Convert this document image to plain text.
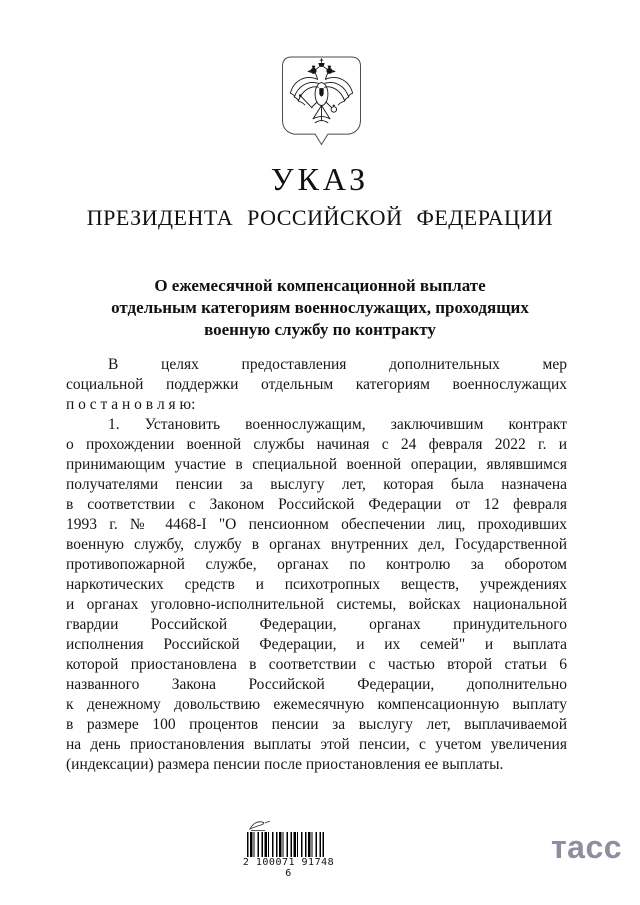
УКАЗ
ПРЕЗИДЕНТА РОССИЙСКОЙ ФЕДЕРАЦИИ
О ежемесячной компенсационной выплате
отдельным категориям военнослужащих, проходящих
военную службу по контракту
В целях предоставления дополнительных мер
социальной поддержки отдельным категориям военнослужащих
п о с т а н о в л я ю:
1. Установить военнослужащим, заключившим контракт
о прохождении военной службы начиная с 24 февраля 2022 г. и
принимающим участие в специальной военной операции, являвшимся
получателями пенсии за выслугу лет, которая была назначена
в соответствии с Законом Российской Федерации от 12 февраля
1993 г. № 4468-I "О пенсионном обеспечении лиц, проходивших
военную службу, службу в органах внутренних дел, Государственной
противопожарной службе, органах по контролю за оборотом
наркотических средств и психотропных веществ, учреждениях
и органах уголовно-исполнительной системы, войсках национальной
гвардии Российской Федерации, органах принудительного
исполнения Российской Федерации, и их семей" и выплата
которой приостановлена в соответствии с частью второй статьи 6
названного Закона Российской Федерации, дополнительно
к денежному довольствию ежемесячную компенсационную выплату
в размере 100 процентов пенсии за выслугу лет, выплачиваемой
на день приостановления выплаты этой пенсии, с учетом увеличения
(индексации) размера пенсии после приостановления ее выплаты.
2 100071 91748 6
тасс
